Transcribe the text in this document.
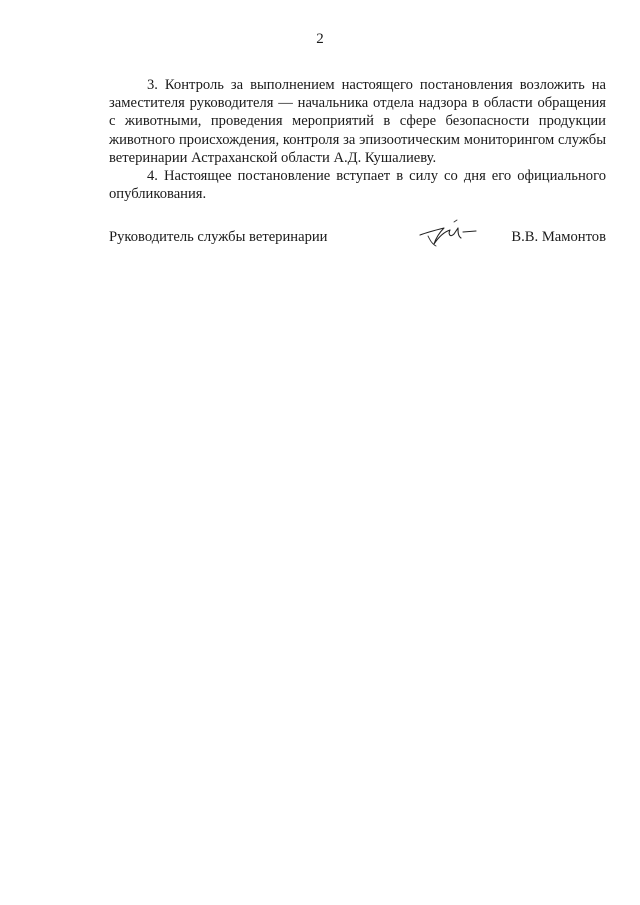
2

3. Контроль за выполнением настоящего постановления возложить на заместителя руководителя — начальника отдела надзора в области обращения с животными, проведения мероприятий в сфере безопасности продукции животного происхождения, контроля за эпизоотическим мониторингом службы ветеринарии Астраханской области А.Д. Кушалиеву.

4. Настоящее постановление вступает в силу со дня его официального опубликования.

Руководитель службы ветеринарии	В.В. Мамонтов
